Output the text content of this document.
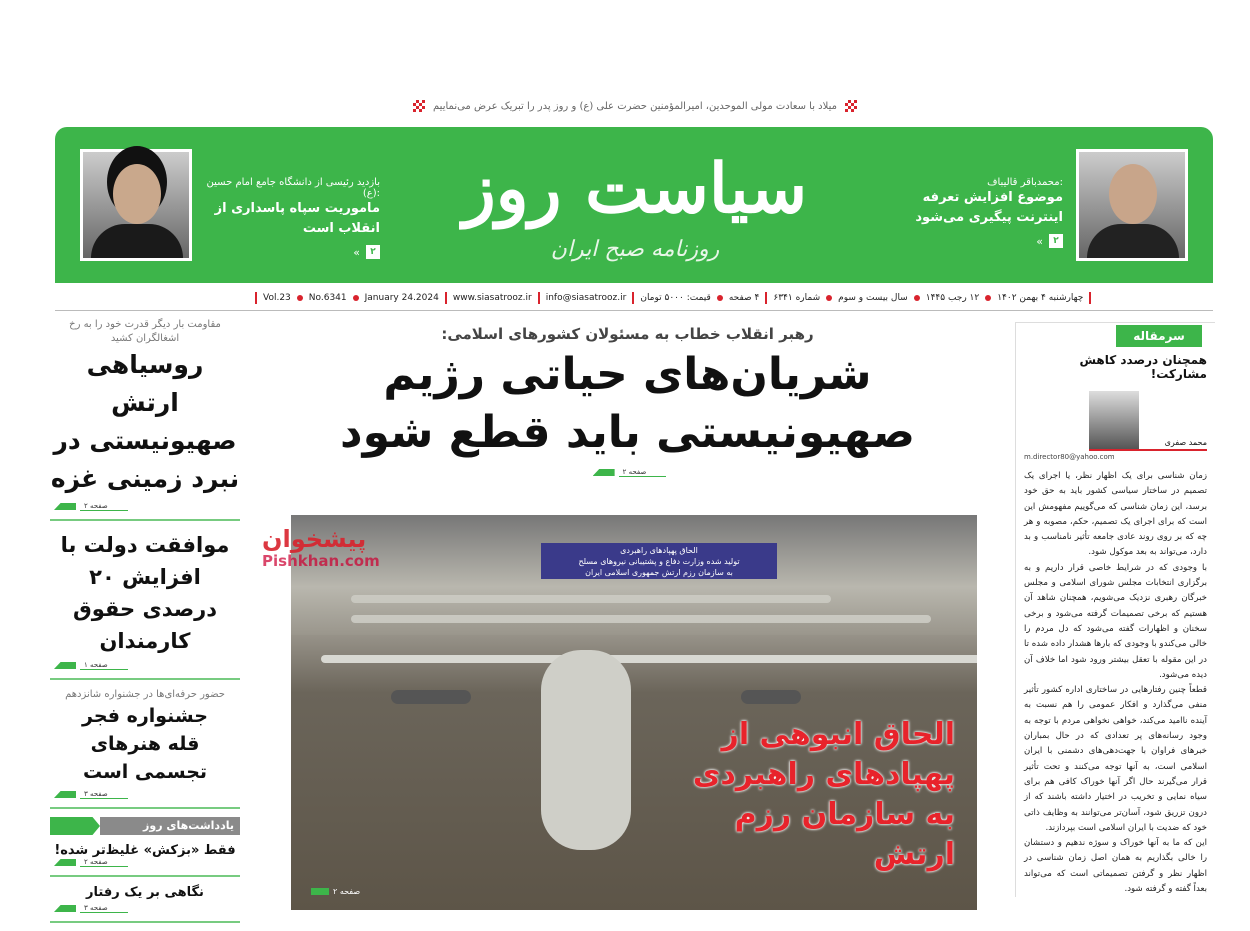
میلاد با سعادت مولی الموحدین، امیرالمؤمنین حضرت علی (ع) و روز پدر را تبریک عرض می‌نماییم
محمدباقر قالیباف:
موضوع افزایش تعرفه اینترنت پیگیری می‌شود
«	۲
سیاست روز
روزنامه صبح ایران
بازدید رئیسی از دانشگاه جامع امام حسین (ع):
ماموریت سپاه پاسداری از انقلاب است
«	۲
چهارشنبه ۴ بهمن ۱۴۰۲
۱۲ رجب ۱۴۴۵
سال بیست و سوم
شماره ۶۳۴۱
۴ صفحه
قیمت: ۵۰۰۰ تومان
info@siasatrooz.ir
www.siasatrooz.ir
January 24.2024
No.6341
Vol.23
مقاومت بار دیگر قدرت خود را به رخ اشغالگران کشید
روسیاهی ارتش صهیونیستی در نبرد زمینی غزه
صفحه ۲
موافقت دولت با افزایش ۲۰ درصدی حقوق کارمندان
صفحه ۱
حضور حرفه‌ای‌ها در جشنواره شانزدهم
جشنواره فجر قله هنرهای تجسمی است
صفحه ۳
یادداشت‌های روز
فقط «بزکش» غلیظ‌تر شده!
صفحه ۲
نگاهی بر یک رفتار
صفحه ۳
رهبر انقلاب خطاب به مسئولان کشورهای اسلامی:
شریان‌های حیاتی رژیم صهیونیستی باید قطع شود
صفحه ۲
الحاق پهپادهای راهبردی
تولید شده وزارت دفاع و پشتیبانی نیروهای مسلح
به سازمان رزم ارتش جمهوری اسلامی ایران
الحاق انبوهی از پهپادهای راهبردی به سازمان رزم ارتش
صفحه ۲
پیشخوان
Pishkhan.com
سرمقاله
همچنان درصدد کاهش مشارکت!
محمد صفری
m.director80@yahoo.com

زمان شناسی برای یک اظهار نظر، یا اجرای یک تصمیم در ساختار سیاسی کشور باید به حق خود برسد، این زمان شناسی که می‌گوییم مفهومش این است که برای اجرای یک تصمیم، حکم، مصوبه و هر چه که بر روی روند عادی جامعه تأثیر نامناسب و بد دارد، می‌تواند به بعد موکول شود.

با وجودی که در شرایط خاصی قرار داریم و به برگزاری انتخابات مجلس شورای اسلامی و مجلس خبرگان رهبری نزدیک می‌شویم، همچنان شاهد آن هستیم که برخی تصمیمات گرفته می‌شود و برخی سخنان و اظهارات گفته می‌شود که دل مردم را خالی می‌کندو با وجودی که بارها هشدار داده شده تا در این مقوله با تعقل بیشتر ورود شود اما خلاف آن دیده می‌شود.

قطعاً چنین رفتارهایی در ساختاری اداره کشور تأثیر منفی می‌گذارد و افکار عمومی را هم نسبت به آینده ناامید می‌کند، خواهی نخواهی مردم با توجه به وجود رسانه‌های پر تعدادی که در حال بمباران خبرهای فراوان با جهت‌دهی‌های دشمنی با ایران اسلامی است، به آنها توجه می‌کنند و تحت تأثیر قرار می‌گیرند حال اگر آنها خوراک کافی هم برای سیاه نمایی و تخریب در اختیار داشته باشند که از درون تزریق شود، آسان‌تر می‌توانند به وظایف ذاتی خود که ضدیت با ایران اسلامی است بپردازند.

این که ما به آنها خوراک و سوژه ندهیم و دستشان را خالی بگذاریم به همان اصل زمان شناسی در اظهار نظر و گرفتن تصمیماتی است که می‌تواند بعداً گفته و گرفته شود.
